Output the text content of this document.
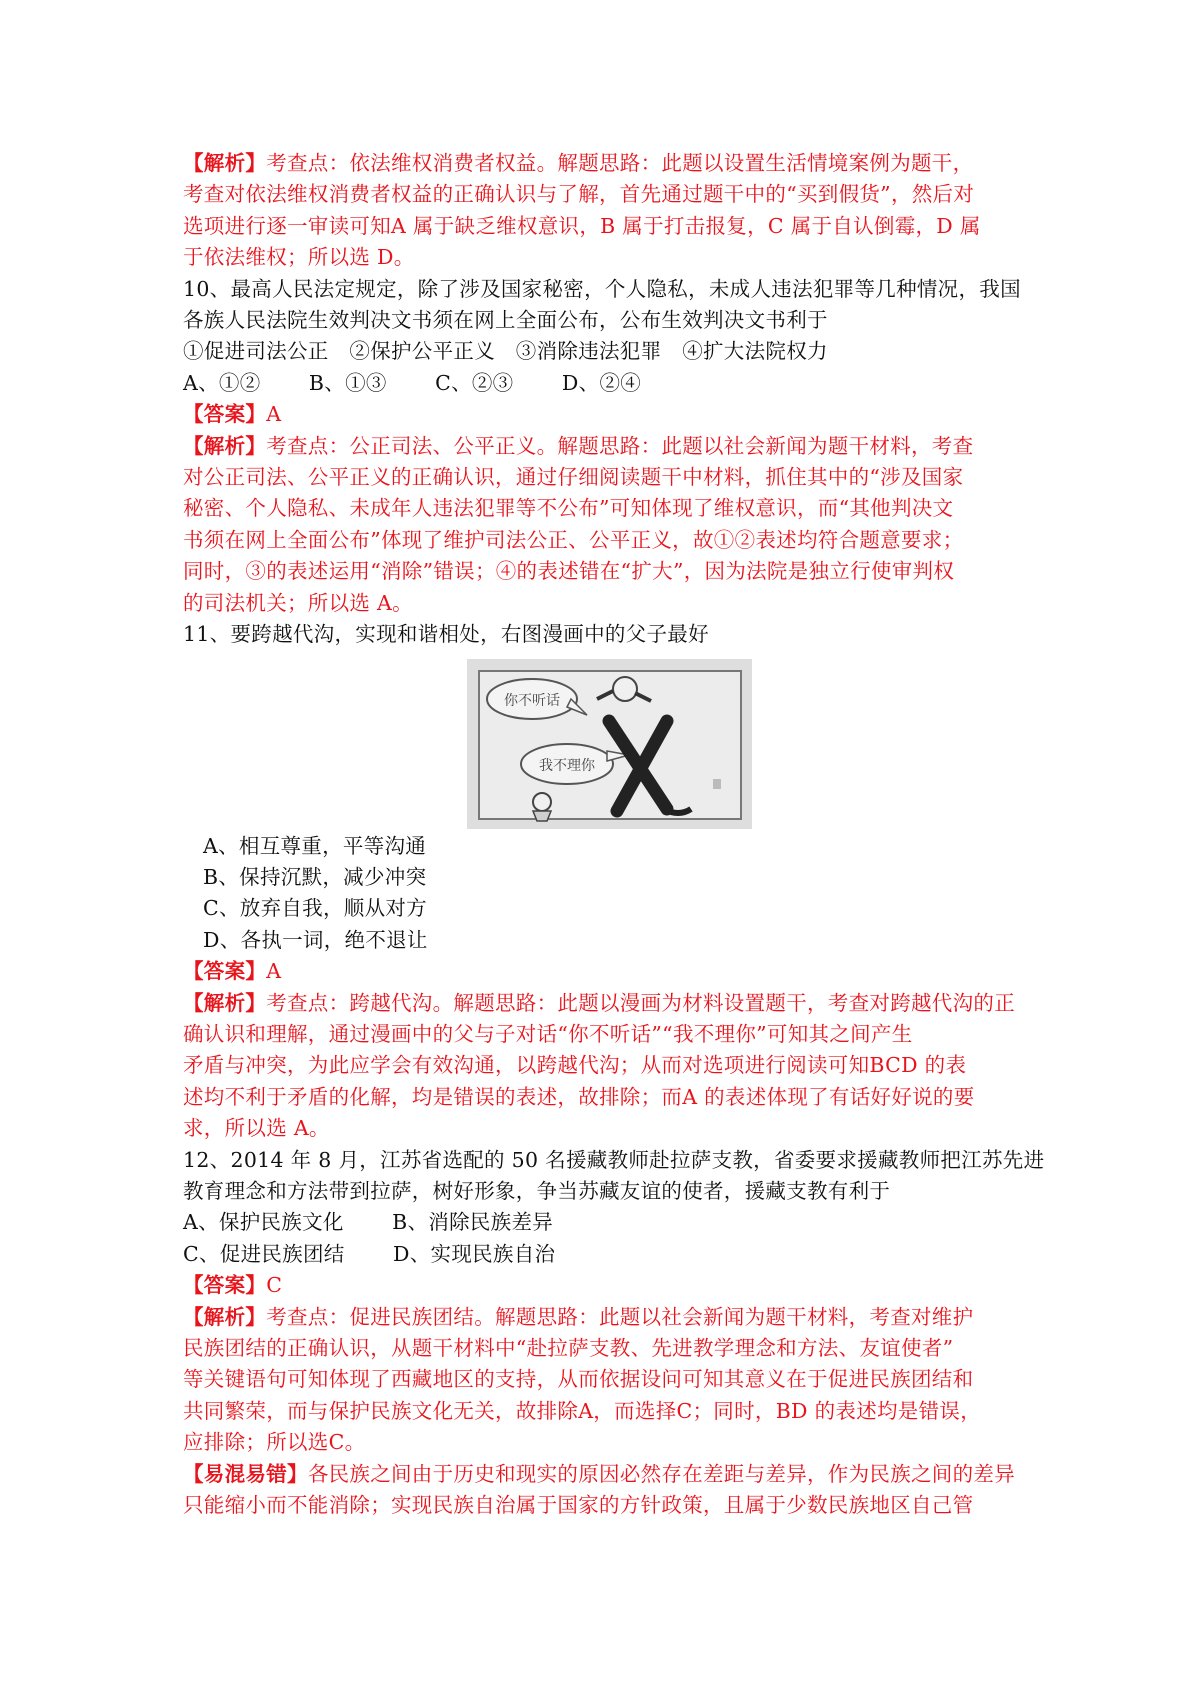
【解析】考查点：依法维权消费者权益。解题思路：此题以设置生活情境案例为题干，
考查对依法维权消费者权益的正确认识与了解，首先通过题干中的“买到假货”，然后对
选项进行逐一审读可知A 属于缺乏维权意识，B 属于打击报复，C 属于自认倒霉，D 属
于依法维权；所以选 D。
10、最高人民法定规定，除了涉及国家秘密，个人隐私，未成人违法犯罪等几种情况，我国
各族人民法院生效判决文书须在网上全面公布，公布生效判决文书利于
①促进司法公正　②保护公平正义　③消除违法犯罪　④扩大法院权力
A、①②　　 B、①③　　 C、②③　　 D、②④
【答案】A
【解析】考查点：公正司法、公平正义。解题思路：此题以社会新闻为题干材料，考查
对公正司法、公平正义的正确认识，通过仔细阅读题干中材料，抓住其中的“涉及国家
秘密、个人隐私、未成年人违法犯罪等不公布”可知体现了维权意识，而“其他判决文
书须在网上全面公布”体现了维护司法公正、公平正义，故①②表述均符合题意要求；
同时，③的表述运用“消除”错误；④的表述错在“扩大”，因为法院是独立行使审判权
的司法机关；所以选 A。
11、要跨越代沟，实现和谐相处，右图漫画中的父子最好
你不听话
我不理你
A、相互尊重，平等沟通
B、保持沉默，减少冲突
C、放弃自我，顺从对方
D、各执一词，绝不退让
【答案】A
【解析】考查点：跨越代沟。解题思路：此题以漫画为材料设置题干，考查对跨越代沟的正
确认识和理解，通过漫画中的父与子对话“你不听话”“我不理你”可知其之间产生
矛盾与冲突，为此应学会有效沟通，以跨越代沟；从而对选项进行阅读可知BCD 的表
述均不利于矛盾的化解，均是错误的表述，故排除；而A 的表述体现了有话好好说的要
求，所以选 A。
12、2014 年 8 月，江苏省选配的 50 名援藏教师赴拉萨支教，省委要求援藏教师把江苏先进
教育理念和方法带到拉萨，树好形象，争当苏藏友谊的使者，援藏支教有利于
A、保护民族文化　　 B、消除民族差异
C、促进民族团结　　 D、实现民族自治
【答案】C
【解析】考查点：促进民族团结。解题思路：此题以社会新闻为题干材料，考查对维护
民族团结的正确认识，从题干材料中“赴拉萨支教、先进教学理念和方法、友谊使者”
等关键语句可知体现了西藏地区的支持，从而依据设问可知其意义在于促进民族团结和
共同繁荣，而与保护民族文化无关，故排除A，而选择C；同时，BD 的表述均是错误，
应排除；所以选C。
【易混易错】各民族之间由于历史和现实的原因必然存在差距与差异，作为民族之间的差异
只能缩小而不能消除；实现民族自治属于国家的方针政策，且属于少数民族地区自己管
